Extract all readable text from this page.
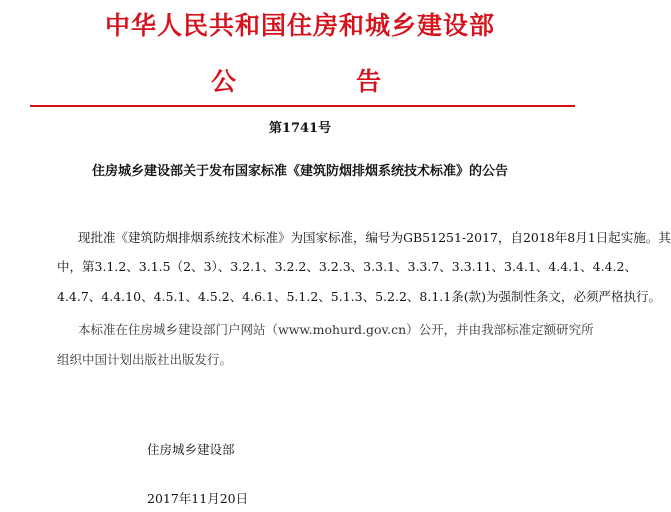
中华人民共和国住房和城乡建设部
公	告
第1741号
住房城乡建设部关于发布国家标准《建筑防烟排烟系统技术标准》的公告
现批准《建筑防烟排烟系统技术标准》为国家标准，编号为GB51251-2017，自2018年8月1日起实施。其
中，第3.1.2、3.1.5（2、3）、3.2.1、3.2.2、3.2.3、3.3.1、3.3.7、3.3.11、3.4.1、4.4.1、4.4.2、
4.4.7、4.4.10、4.5.1、4.5.2、4.6.1、5.1.2、5.1.3、5.2.2、8.1.1条(款)为强制性条文，必须严格执行。
本标准在住房城乡建设部门户网站（www.mohurd.gov.cn）公开，并由我部标准定额研究所
组织中国计划出版社出版发行。
住房城乡建设部
2017年11月20日
